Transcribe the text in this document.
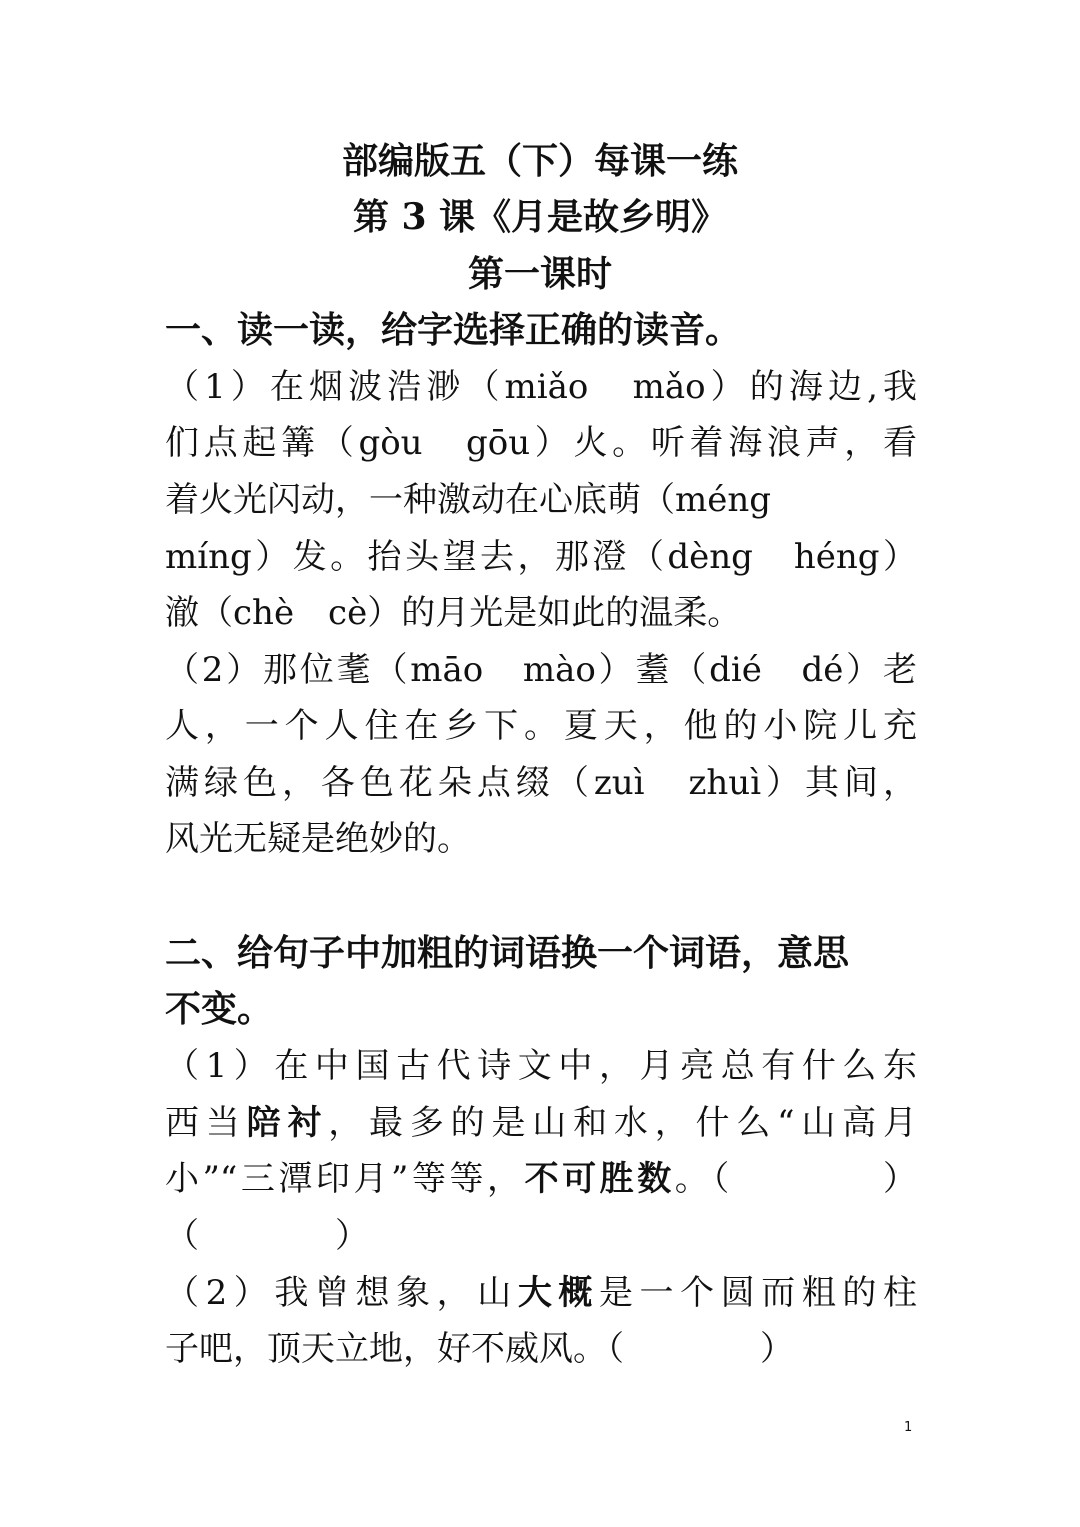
部编版五（下）每课一练
第 3 课《月是故乡明》
第一课时
一、读一读，给字选择正确的读音。
（1）在烟波浩渺（miǎo　mǎo）的海边,我
们点起篝（gòu　gōu）火。听着海浪声，看
着火光闪动，一种激动在心底萌（méng
míng）发。抬头望去，那澄（dèng　héng）
澈（chè　cè）的月光是如此的温柔。
（2）那位耄（māo　mào）耋（dié　dé）老
人，一个人住在乡下。夏天，他的小院儿充
满绿色，各色花朵点缀（zuì　zhuì）其间，
风光无疑是绝妙的。
二、给句子中加粗的词语换一个词语，意思
不变。
（1）在中国古代诗文中，月亮总有什么东
西当陪衬，最多的是山和水，什么“山高月
小”“三潭印月”等等，不可胜数。（　　　　）
（　　　　）
（2）我曾想象，山大概是一个圆而粗的柱
子吧，顶天立地，好不威风。（　　　　）
1
